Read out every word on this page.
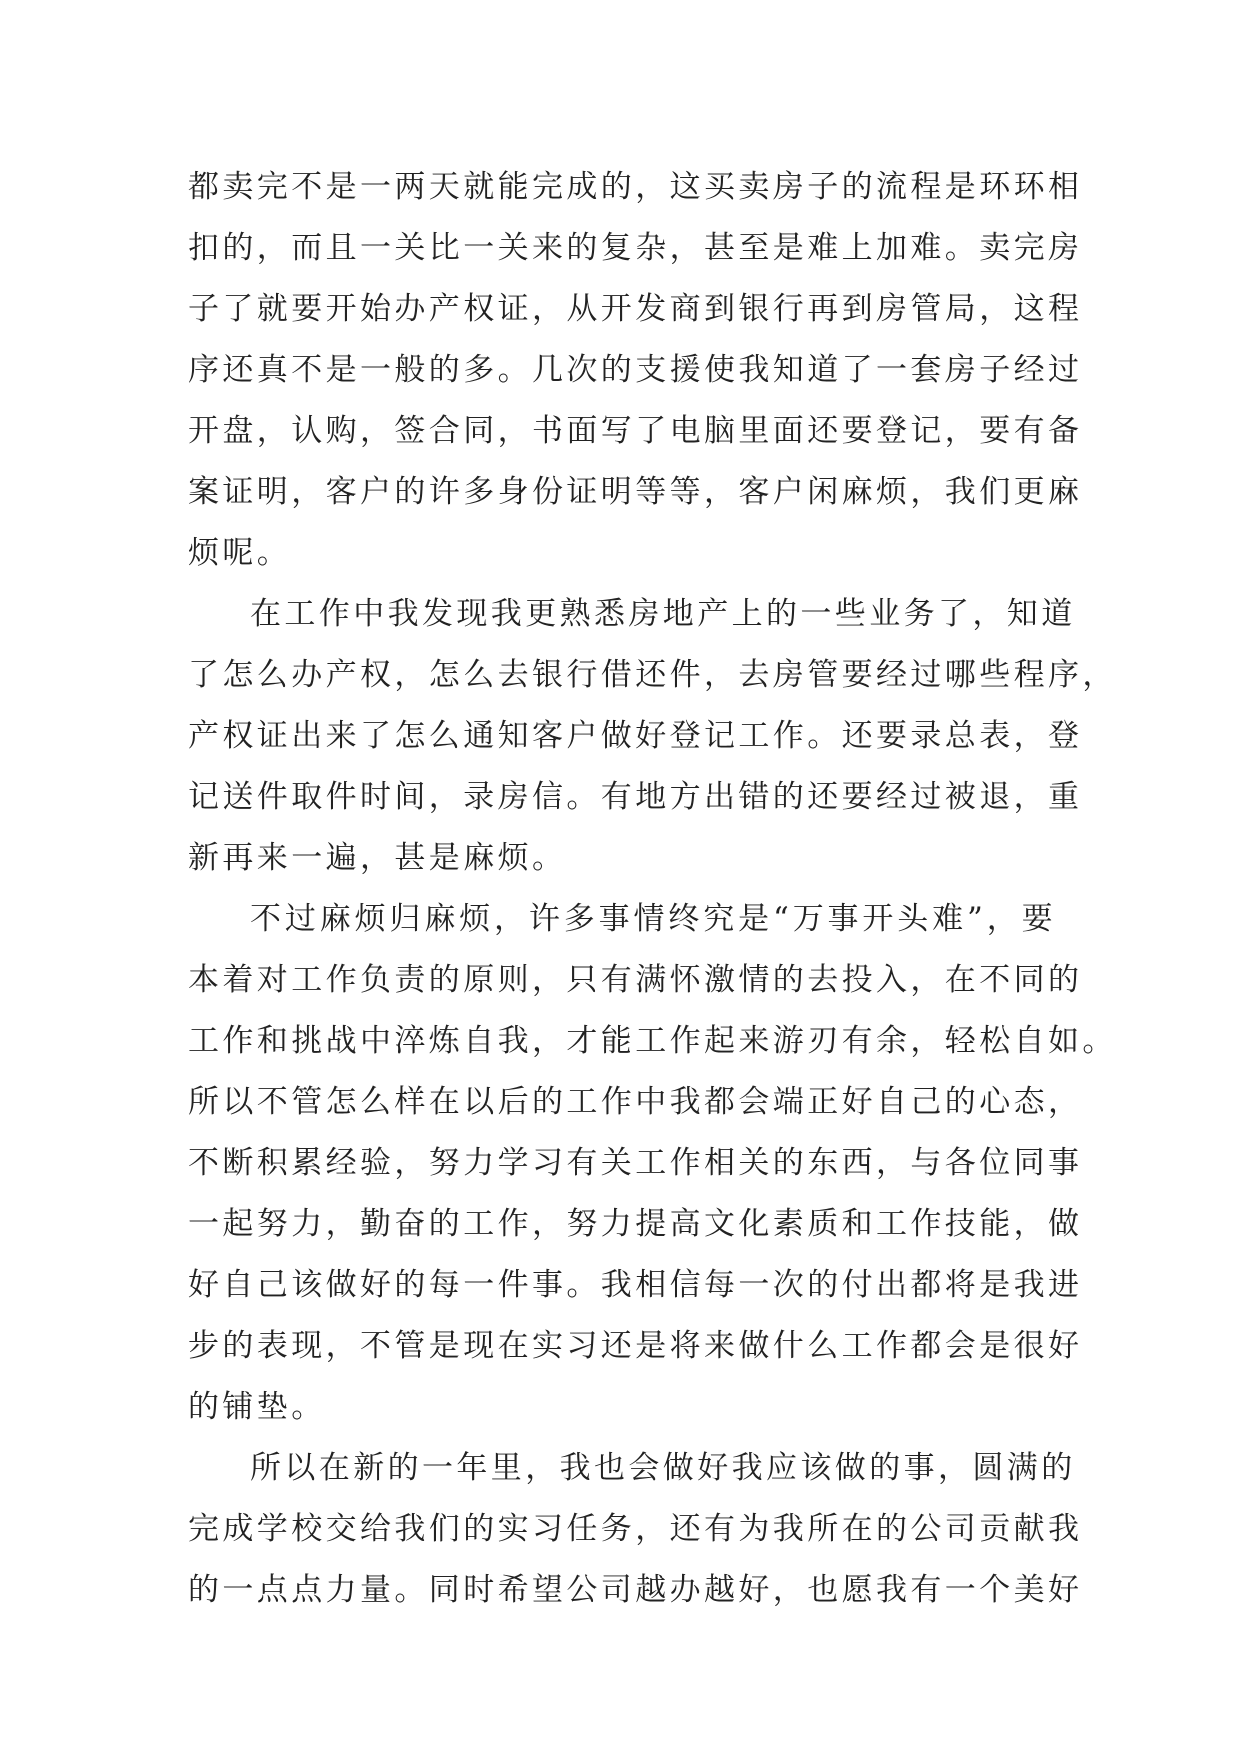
都卖完不是一两天就能完成的，这买卖房子的流程是环环相
扣的，而且一关比一关来的复杂，甚至是难上加难。卖完房
子了就要开始办产权证，从开发商到银行再到房管局，这程
序还真不是一般的多。几次的支援使我知道了一套房子经过
开盘，认购，签合同，书面写了电脑里面还要登记，要有备
案证明，客户的许多身份证明等等，客户闲麻烦，我们更麻
烦呢。
在工作中我发现我更熟悉房地产上的一些业务了，知道
了怎么办产权，怎么去银行借还件，去房管要经过哪些程序，
产权证出来了怎么通知客户做好登记工作。还要录总表，登
记送件取件时间，录房信。有地方出错的还要经过被退，重
新再来一遍，甚是麻烦。
不过麻烦归麻烦，许多事情终究是“万事开头难”，要
本着对工作负责的原则，只有满怀激情的去投入，在不同的
工作和挑战中淬炼自我，才能工作起来游刃有余，轻松自如。
所以不管怎么样在以后的工作中我都会端正好自己的心态，
不断积累经验，努力学习有关工作相关的东西，与各位同事
一起努力，勤奋的工作，努力提高文化素质和工作技能，做
好自己该做好的每一件事。我相信每一次的付出都将是我进
步的表现，不管是现在实习还是将来做什么工作都会是很好
的铺垫。
所以在新的一年里，我也会做好我应该做的事，圆满的
完成学校交给我们的实习任务，还有为我所在的公司贡献我
的一点点力量。同时希望公司越办越好，也愿我有一个美好
